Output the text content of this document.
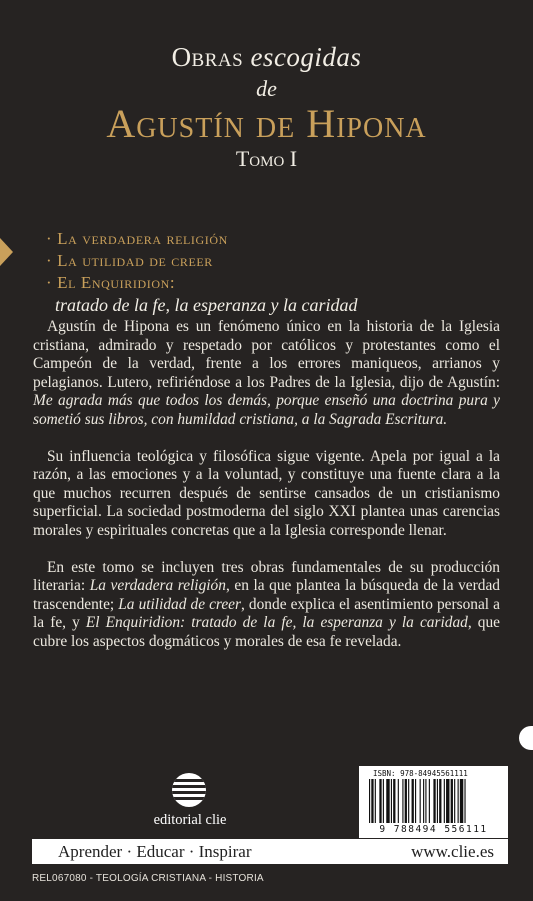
Obras escogidas
de
Agustín de Hipona
Tomo I
· La verdadera religión
· La utilidad de creer
· El Enquiridion:
tratado de la fe, la esperanza y la caridad

Agustín de Hipona es un fenómeno único en la historia de la Iglesia cristiana, admirado y respetado por católicos y protestantes como el Campeón de la verdad, frente a los errores maniqueos, arrianos y pelagianos. Lutero, refiriéndose a los Padres de la Iglesia, dijo de Agustín: Me agrada más que todos los demás, porque enseñó una doctrina pura y sometió sus libros, con humildad cristiana, a la Sagrada Escritura.

Su influencia teológica y filosófica sigue vigente. Apela por igual a la razón, a las emociones y a la voluntad, y constituye una fuente clara a la que muchos recurren después de sentirse cansados de un cristianismo superficial. La sociedad postmoderna del siglo XXI plantea unas carencias morales y espirituales concretas que a la Iglesia corresponde llenar.

En este tomo se incluyen tres obras fundamentales de su producción literaria: La verdadera religión, en la que plantea la búsqueda de la verdad trascendente; La utilidad de creer, donde explica el asentimiento personal a la fe, y El Enquiridion: tratado de la fe, la esperanza y la caridad, que cubre los aspectos dogmáticos y morales de esa fe revelada.

editorial clie
ISBN: 978-84945561111
9 788494 556111
Aprender · Educar · Inspirar	www.clie.es
REL067080 - TEOLOGÍA CRISTIANA - HISTORIA
